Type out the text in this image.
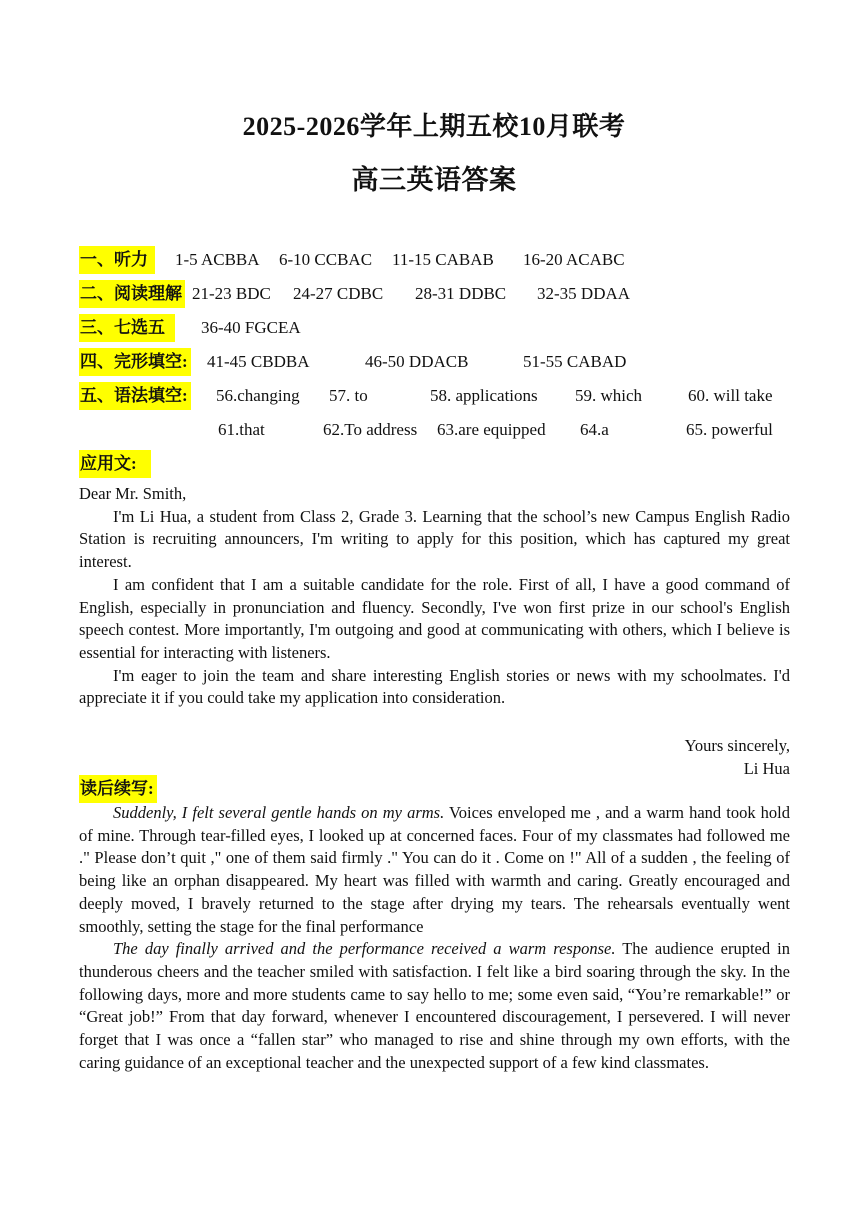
2025-2026学年上期五校10月联考
高三英语答案
一、听力 1-5 ACBBA 6-10 CCBAC 11-15 CABAB 16-20 ACABC
二、阅读理解 21-23 BDC 24-27 CDBC 28-31 DDBC 32-35 DDAA
三、七选五 36-40 FGCEA
四、完形填空: 41-45 CBDBA	46-50 DDACB	51-55 CABAD
五、语法填空: 56.changing 57. to	58. applications 59. which	60. will take
61.that	62.To address 63.are equipped 64.a	65. powerful
应用文:

Dear Mr. Smith,

I'm Li Hua, a student from Class 2, Grade 3. Learning that the school’s new Campus English Radio Station is recruiting announcers, I'm writing to apply for this position, which has captured my great interest.

I am confident that I am a suitable candidate for the role. First of all, I have a good command of English, especially in pronunciation and fluency. Secondly, I've won first prize in our school's English speech contest. More importantly, I'm outgoing and good at communicating with others, which I believe is essential for interacting with listeners.

I'm eager to join the team and share interesting English stories or news with my schoolmates. I'd appreciate it if you could take my application into consideration.

Yours sincerely,

Li Hua

读后续写:

Suddenly, I felt several gentle hands on my arms. Voices enveloped me , and a warm hand took hold of mine. Through tear-filled eyes, I looked up at concerned faces. Four of my classmates had followed me ." Please don’t quit ," one of them said firmly ." You can do it . Come on !" All of a sudden , the feeling of being like an orphan disappeared. My heart was filled with warmth and caring. Greatly encouraged and deeply moved, I bravely returned to the stage after drying my tears. The rehearsals eventually went smoothly, setting the stage for the final performance

The day finally arrived and the performance received a warm response. The audience erupted in thunderous cheers and the teacher smiled with satisfaction. I felt like a bird soaring through the sky. In the following days, more and more students came to say hello to me; some even said, “You’re remarkable!” or “Great job!” From that day forward, whenever I encountered discouragement, I persevered. I will never forget that I was once a “fallen star” who managed to rise and shine through my own efforts, with the caring guidance of an exceptional teacher and the unexpected support of a few kind classmates.
